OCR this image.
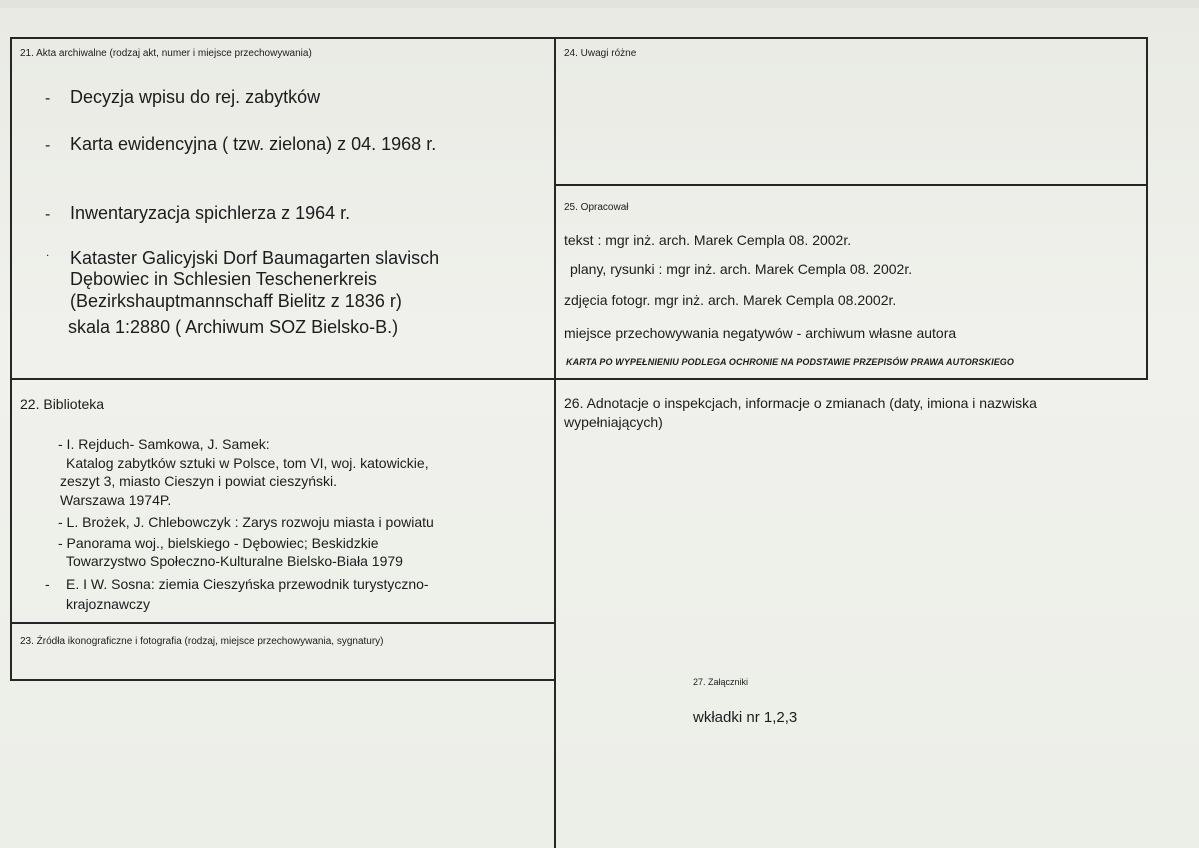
21. Akta archiwalne (rodzaj akt, numer i miejsce przechowywania)
- Decyzja wpisu do rej. zabytków
- Karta ewidencyjna ( tzw. zielona) z 04. 1968 r.
- Inwentaryzacja spichlerza z 1964 r.
. Kataster Galicyjski Dorf Baumagarten slavisch
Dębowiec in Schlesien Teschenerkreis
(Bezirkshauptmannschaff Bielitz z 1836 r)
skala 1:2880 ( Archiwum SOZ Bielsko-B.)
24. Uwagi różne
25. Opracował
tekst : mgr inż. arch. Marek Cempla 08. 2002r.
plany, rysunki : mgr inż. arch. Marek Cempla 08. 2002r.
zdjęcia fotogr. mgr inż. arch. Marek Cempla 08.2002r.
miejsce przechowywania negatywów - archiwum własne autora
KARTA PO WYPEŁNIENIU PODLEGA OCHRONIE NA PODSTAWIE PRZEPISÓW PRAWA AUTORSKIEGO
22. Biblioteka
- I. Rejduch- Samkowa, J. Samek:
Katalog zabytków sztuki w Polsce, tom VI, woj. katowickie,
zeszyt 3, miasto Cieszyn i powiat cieszyński.
Warszawa 1974P.
- L. Brożek, J. Chlebowczyk : Zarys rozwoju miasta i powiatu
- Panorama woj., bielskiego - Dębowiec; Beskidzkie
Towarzystwo Społeczno-Kulturalne Bielsko-Biała 1979
- E. I W. Sosna: ziemia Cieszyńska przewodnik turystyczno-
krajoznawczy
26. Adnotacje o inspekcjach, informacje o zmianach (daty, imiona i nazwiska
wypełniających)
23. Źródła ikonograficzne i fotografia (rodzaj, miejsce przechowywania, sygnatury)
27. Załączniki
wkładki nr 1,2,3
